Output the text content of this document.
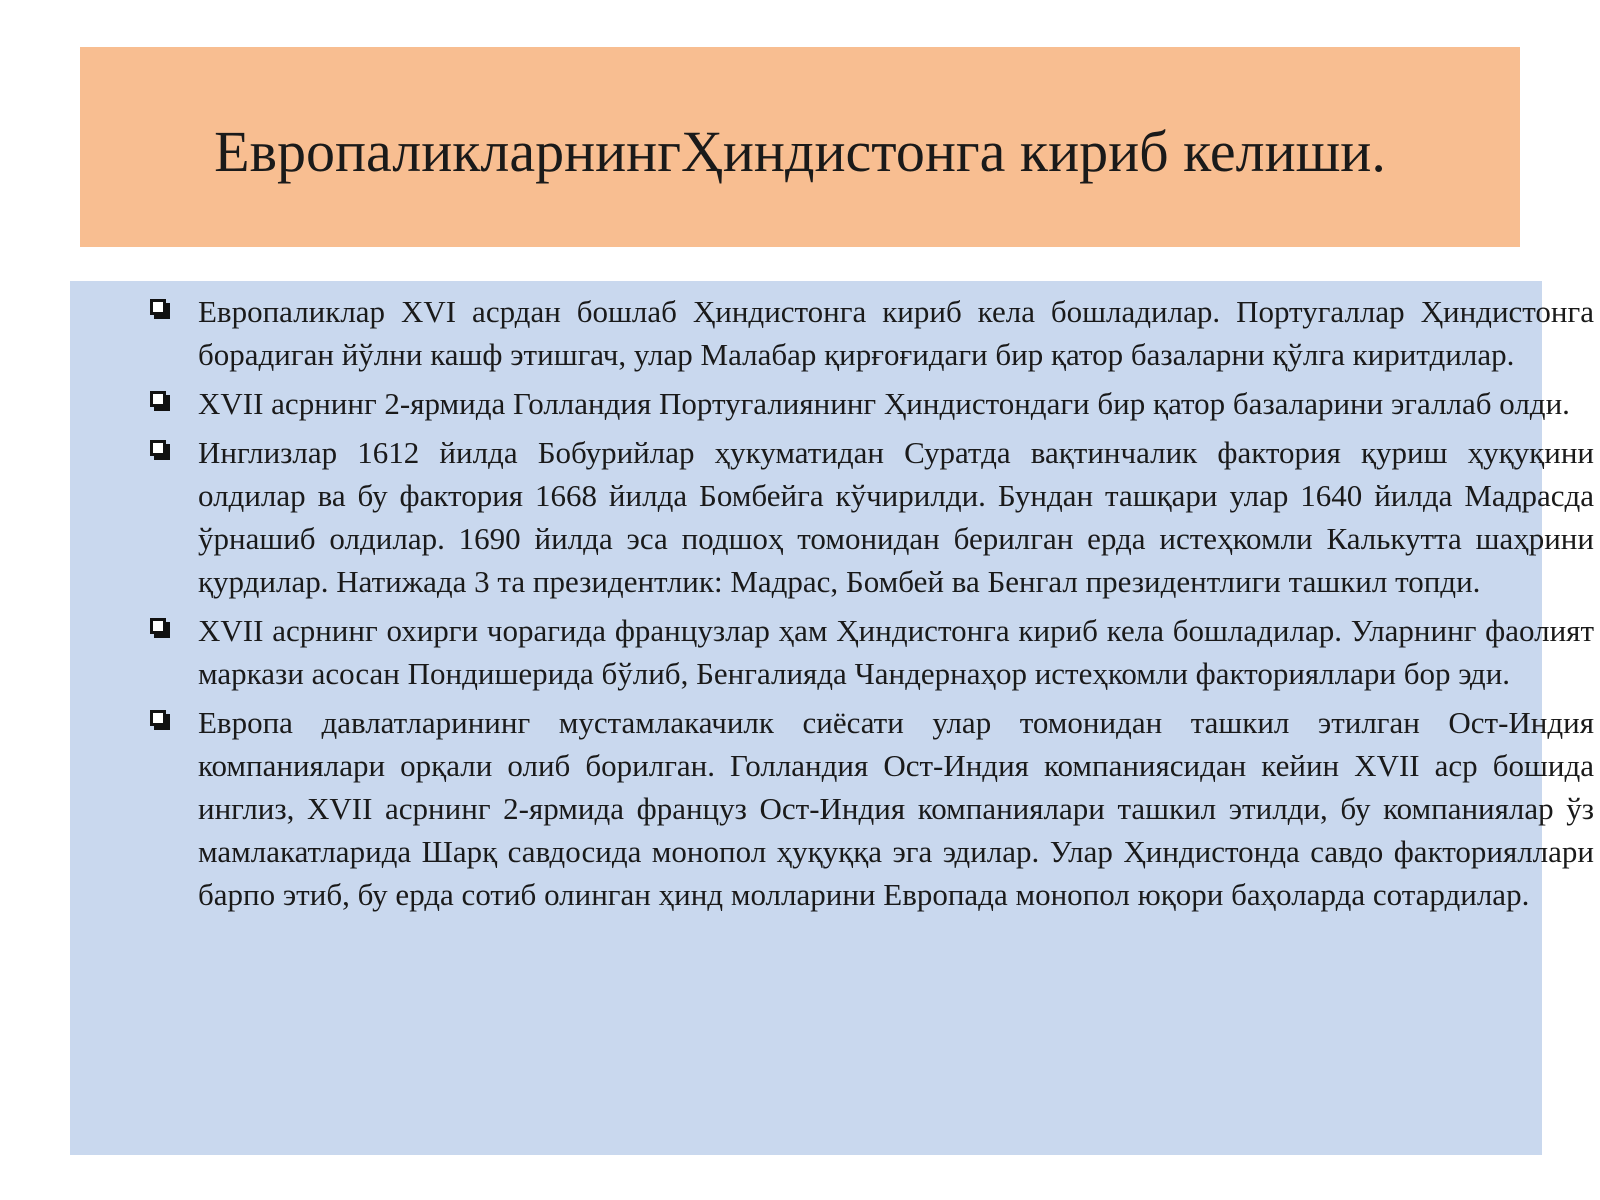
ЕвропаликларнингҲиндистонга кириб келиши.

Европаликлар XVI асрдан бошлаб Ҳиндистонга кириб кела бошладилар. Португаллар Ҳиндистонга борадиган йўлни кашф этишгач, улар Малабар қирғоғидаги бир қатор базаларни қўлга киритдилар.

XVII асрнинг 2-ярмида Голландия Португалиянинг Ҳиндистондаги бир қатор базаларини эгаллаб олди.

Инглизлар 1612 йилда Бобурийлар ҳукуматидан Суратда вақтинчалик фактория қуриш ҳуқуқини олдилар ва бу фактория 1668 йилда Бомбейга кўчирилди. Бундан ташқари улар 1640 йилда Мадрасда ўрнашиб олдилар. 1690 йилда эса подшоҳ томонидан берилган ерда истеҳкомли Калькутта шаҳрини қурдилар. Натижада 3 та президентлик: Мадрас, Бомбей ва Бенгал президентлиги ташкил топди.

XVII асрнинг охирги чорагида французлар ҳам Ҳиндистонга кириб кела бошладилар. Уларнинг фаолият маркази асосан Пондишерида бўлиб, Бенгалияда Чандернаҳор истеҳкомли факторияллари бор эди.

Европа давлатларининг мустамлакачилк сиёсати улар томонидан ташкил этилган Ост-Индия компаниялари орқали олиб борилган. Голландия Ост-Индия компаниясидан кейин XVII аср бошида инглиз, XVII асрнинг 2-ярмида француз Ост-Индия компаниялари ташкил этилди, бу компаниялар ўз мамлакатларида Шарқ савдосида монопол ҳуқуққа эга эдилар. Улар Ҳиндистонда савдо факторияллари барпо этиб, бу ерда сотиб олинган ҳинд молларини Европада монопол юқори баҳоларда сотардилар.
